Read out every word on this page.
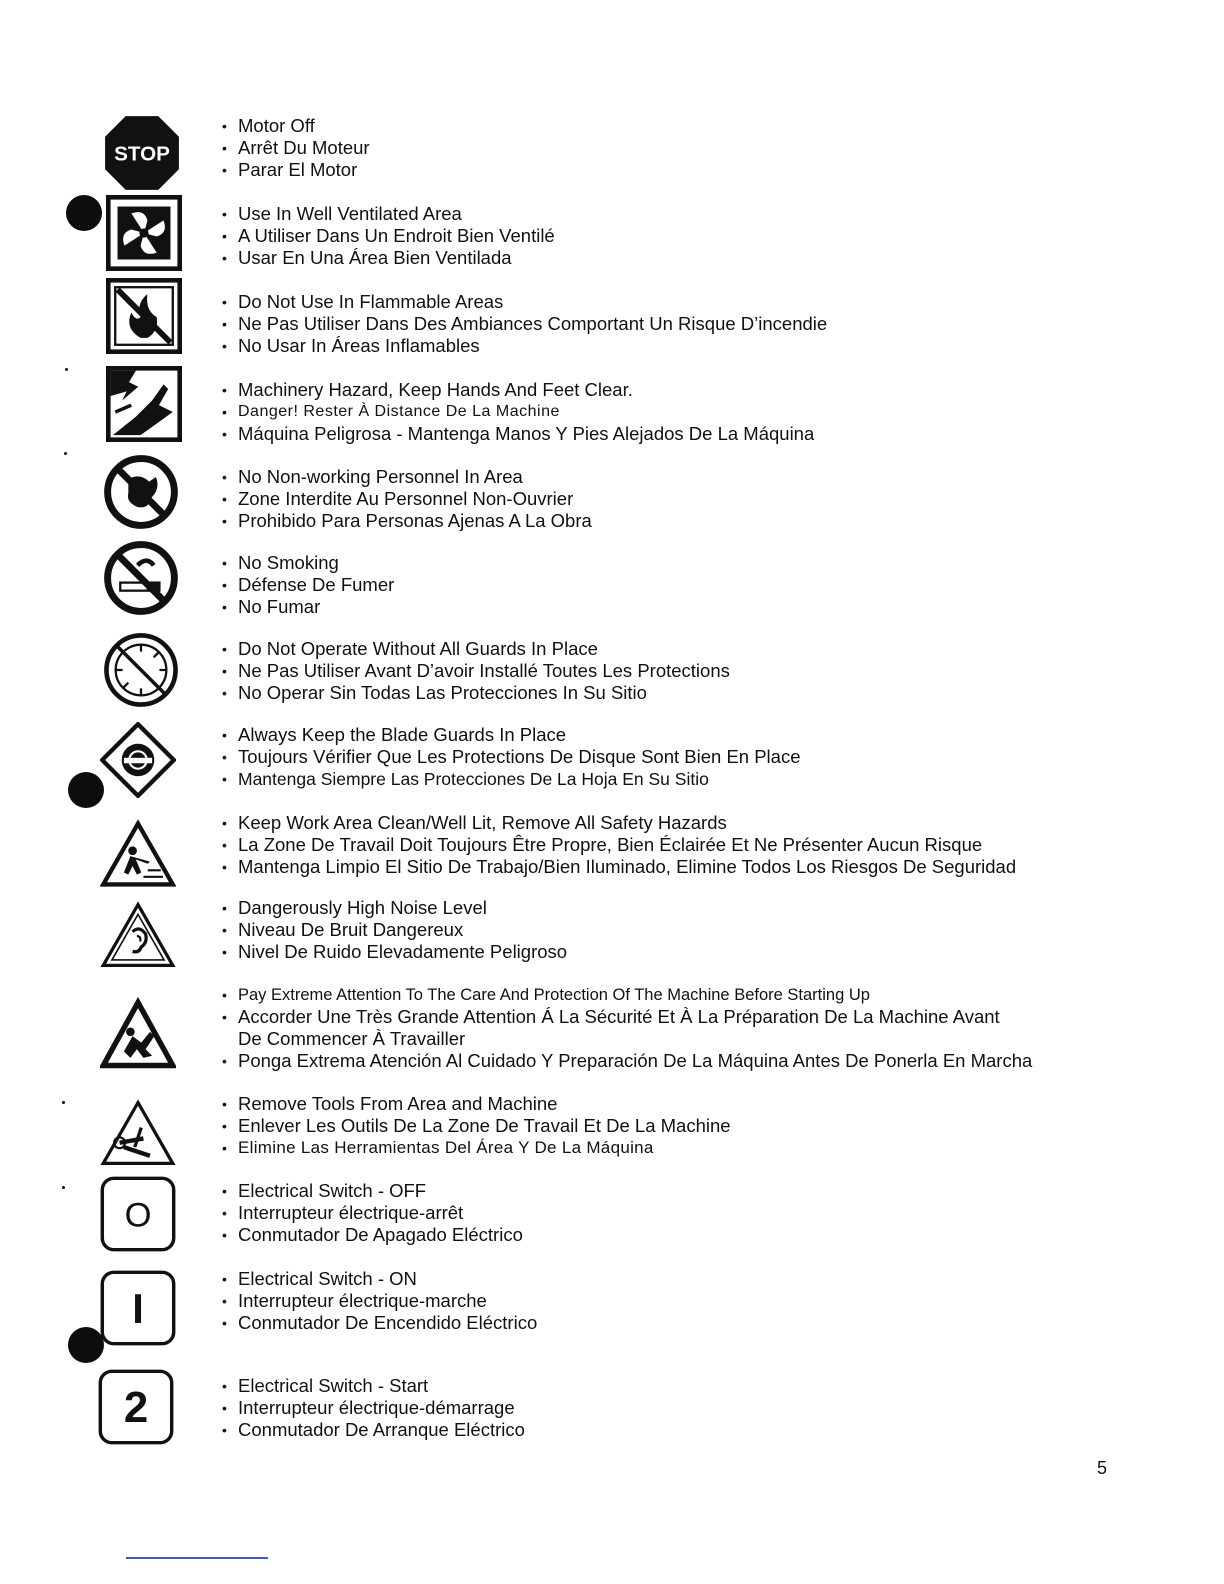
STOP
• Motor Off
• Arrêt Du Moteur
• Parar El Motor
• Use In Well Ventilated Area
• A Utiliser Dans Un Endroit Bien Ventilé
• Usar En Una Área Bien Ventilada
• Do Not Use In Flammable Areas
• Ne Pas Utiliser Dans Des Ambiances Comportant Un Risque D’incendie
• No Usar In Áreas Inflamables
• Machinery Hazard, Keep Hands And Feet Clear.
• Danger! Rester À Distance De La Machine
• Máquina Peligrosa - Mantenga Manos Y Pies Alejados De La Máquina
• No Non-working Personnel In Area
• Zone Interdite Au Personnel Non-Ouvrier
• Prohibido Para Personas Ajenas A La Obra
• No Smoking
• Défense De Fumer
• No Fumar
• Do Not Operate Without All Guards In Place
• Ne Pas Utiliser Avant D’avoir Installé Toutes Les Protections
• No Operar Sin Todas Las Protecciones In Su Sitio
• Always Keep the Blade Guards In Place
• Toujours Vérifier Que Les Protections De Disque Sont Bien En Place
• Mantenga Siempre Las Protecciones De La Hoja En Su Sitio
• Keep Work Area Clean/Well Lit, Remove All Safety Hazards
• La Zone De Travail Doit Toujours Être Propre, Bien Éclairée Et Ne Présenter Aucun Risque
• Mantenga Limpio El Sitio De Trabajo/Bien Iluminado, Elimine Todos Los Riesgos De Seguridad
• Dangerously High Noise Level
• Niveau De Bruit Dangereux
• Nivel De Ruido Elevadamente Peligroso
• Pay Extreme Attention To The Care And Protection Of The Machine Before Starting Up
• Accorder Une Très Grande Attention Á La Sécurité Et À La Préparation De La Machine Avant
De Commencer À Travailler
• Ponga Extrema Atención Al Cuidado Y Preparación De La Máquina Antes De Ponerla En Marcha
• Remove Tools From Area and Machine
• Enlever Les Outils De La Zone De Travail Et De La Machine
• Elimine Las Herramientas Del Área Y De La Máquina
O
• Electrical Switch - OFF
• Interrupteur électrique-arrêt
• Conmutador De Apagado Eléctrico
I
• Electrical Switch - ON
• Interrupteur électrique-marche
• Conmutador De Encendido Eléctrico
2
•	Electrical Switch - Start
• Interrupteur électrique-démarrage
• Conmutador De Arranque Eléctrico
5
